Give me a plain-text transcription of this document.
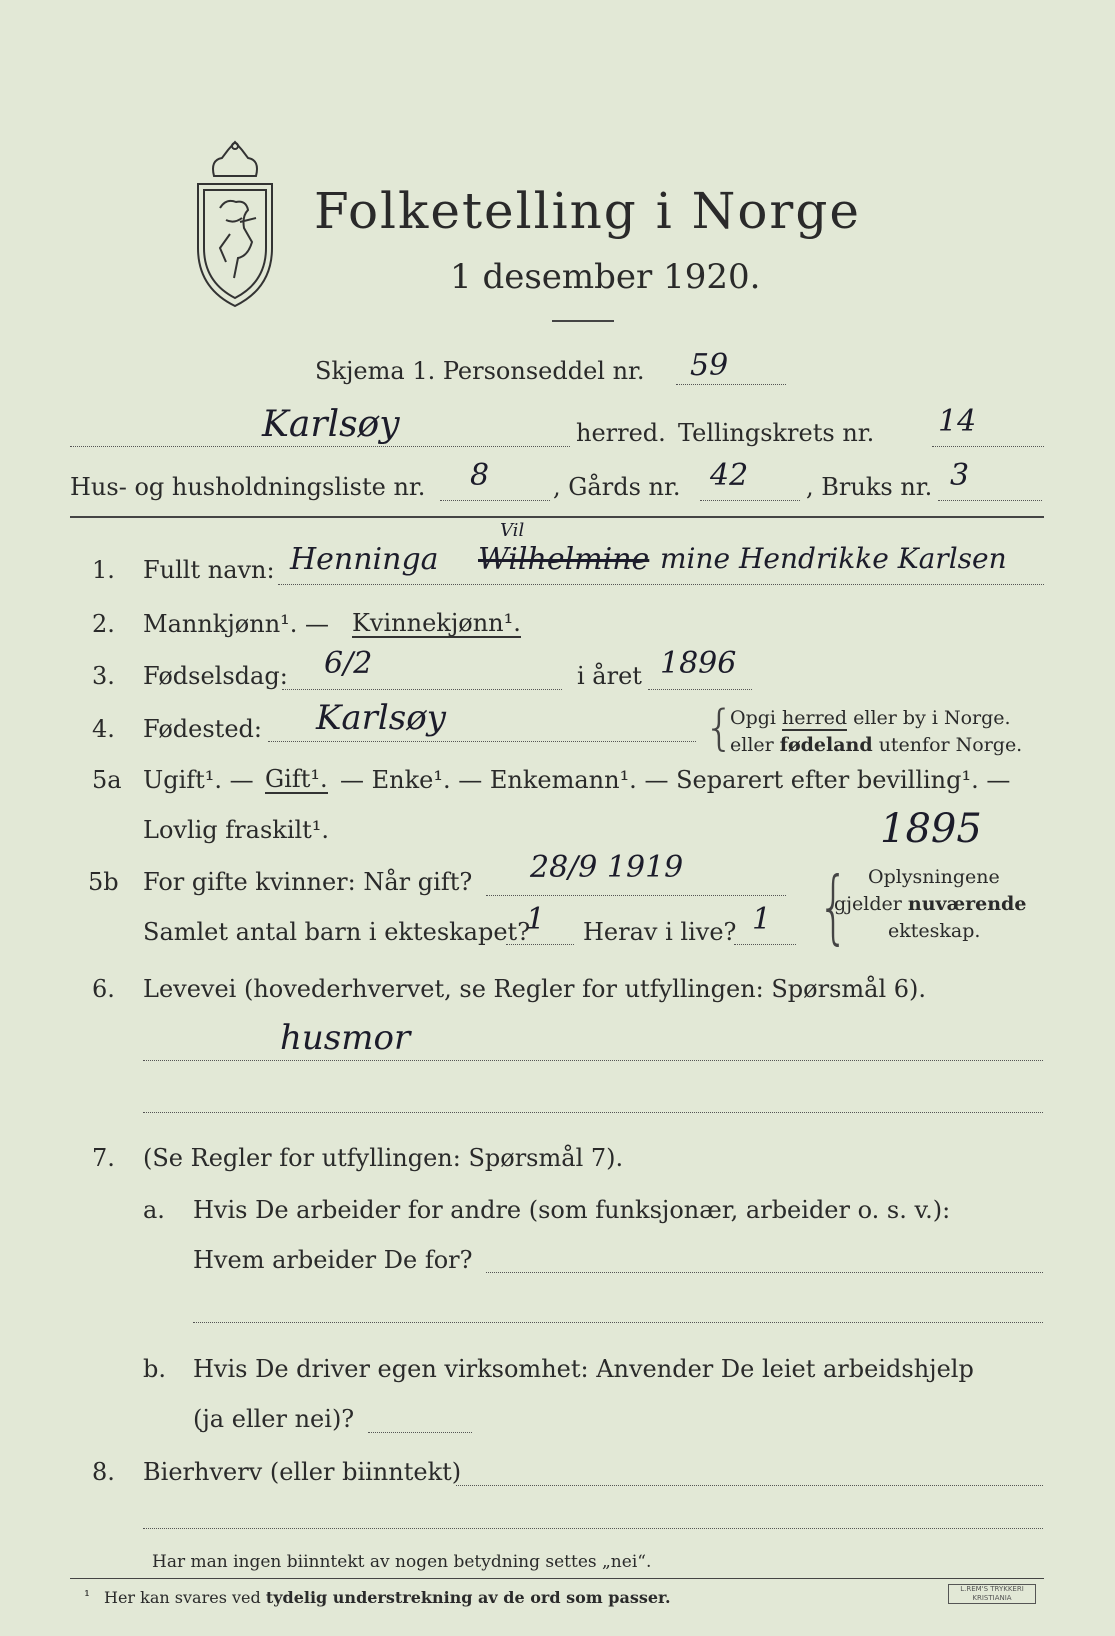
Folketelling i Norge
1 desember 1920.
Skjema 1. Personseddel nr. 59
Karlsøy	herred. Tellingskrets nr. 14
Hus- og husholdningsliste nr. 8	, Gårds nr. 42 , Bruks nr. 3
1. Fullt navn: Henninga Wilhelmine
Vil
mine Hendrikke Karlsen
2. Mannkjønn¹. — Kvinnekjønn¹.
3. Fødselsdag: 6/2	i året 1896
4. Fødested: Karlsøy	{
Opgi herred eller by i Norge.
eller fødeland utenfor Norge.
5a Ugift¹. — Gift¹. — Enke¹. — Enkemann¹. — Separert efter bevilling¹. —
Lovlig fraskilt¹.	1895
5b For gifte kvinner: Når gift? 28/9 1919
Samlet antal barn i ekteskapet?
1 Herav i live? 1 { Oplysningene
gjelder nuværende
ekteskap.
6. Levevei (hovederhvervet, se Regler for utfyllingen: Spørsmål 6).
husmor
7. (Se Regler for utfyllingen: Spørsmål 7).
a. Hvis De arbeider for andre (som funksjonær, arbeider o. s. v.):
Hvem arbeider De for?
b. Hvis De driver egen virksomhet: Anvender De leiet arbeidshjelp
(ja eller nei)?
8. Bierhverv (eller biinntekt)
Har man ingen biinntekt av nogen betydning settes „nei“.
¹ Her kan svares ved tydelig understrekning av de ord som passer.	L.REM'S TRYKKERI KRISTIANIA
